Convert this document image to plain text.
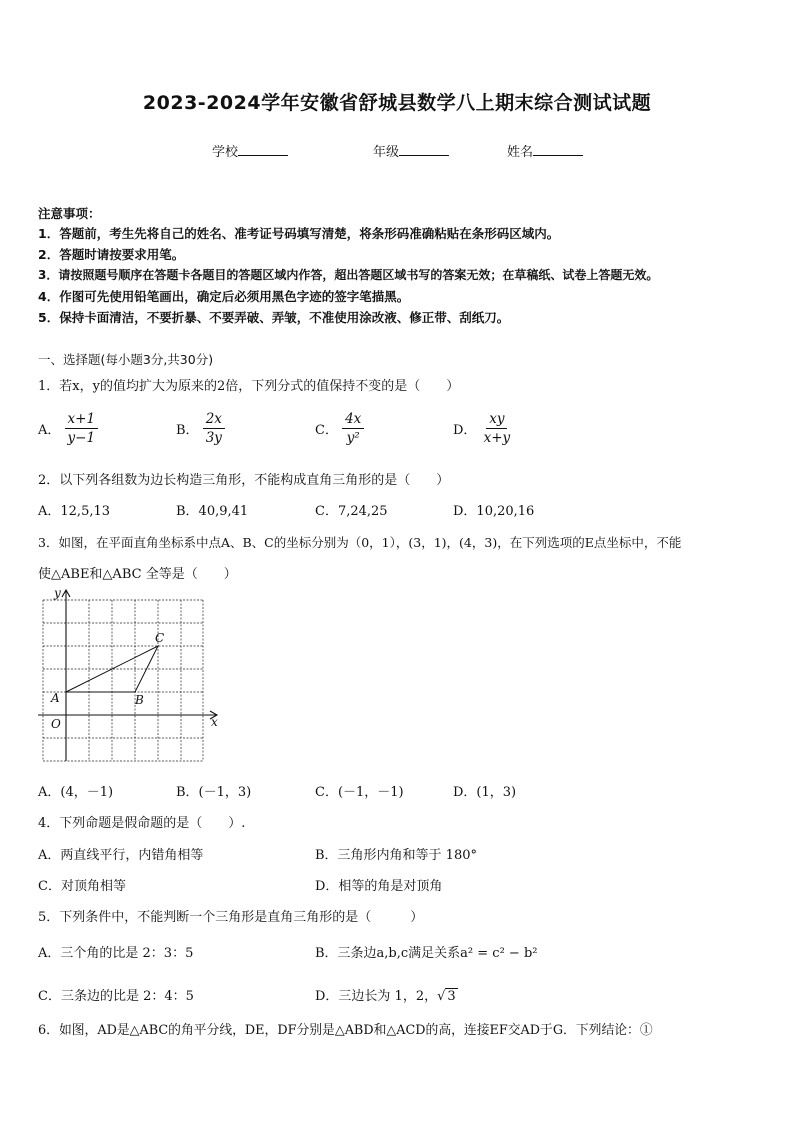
2023-2024学年安徽省舒城县数学八上期末综合测试试题
学校	年级	姓名
注意事项：
1．答题前，考生先将自己的姓名、准考证号码填写清楚，将条形码准确粘贴在条形码区域内。
2．答题时请按要求用笔。
3．请按照题号顺序在答题卡各题目的答题区域内作答，超出答题区域书写的答案无效；在草稿纸、试卷上答题无效。
4．作图可先使用铅笔画出，确定后必须用黑色字迹的签字笔描黑。
5．保持卡面清洁，不要折暴、不要弄破、弄皱，不准使用涂改液、修正带、刮纸刀。
一、选择题(每小题3分,共30分)
1．若x，y的值均扩大为原来的2倍，下列分式的值保持不变的是（　　）
A． $\frac{x+1}{y-1}$	B． $\frac{2x}{3y}$	C． $\frac{4x}{\text{y²}}$	D． $\frac{xy}{x+y}$
2．以下列各组数为边长构造三角形，不能构成直角三角形的是（　　）
A．12,5,13	B．40,9,41	C．7,24,25	D．10,20,16
3．如图，在平面直角坐标系中点A、B、C的坐标分别为（0，1），(3，1)，(4，3)，在下列选项的E点坐标中，不能
使△ABE和△ABC 全等是（　　）
y
x
O
A	B
C
A．(4，－1)	B．(－1，3)	C．(－1，－1)	D．(1，3)
4．下列命题是假命题的是（　　）.
A．两直线平行，内错角相等	B．三角形内角和等于 180°
C．对顶角相等	D．相等的角是对顶角
5．下列条件中，不能判断一个三角形是直角三角形的是（　　　）
A．三个角的比是 2：3：5	B．三条边a,b,c满足关系a² = c² − b²
C．三条边的比是 2：4：5	D．三边长为 1，2，√ 3
6．如图，AD是△ABC的角平分线，DE，DF分别是△ABD和△ACD的高，连接EF交AD于G．下列结论：①
